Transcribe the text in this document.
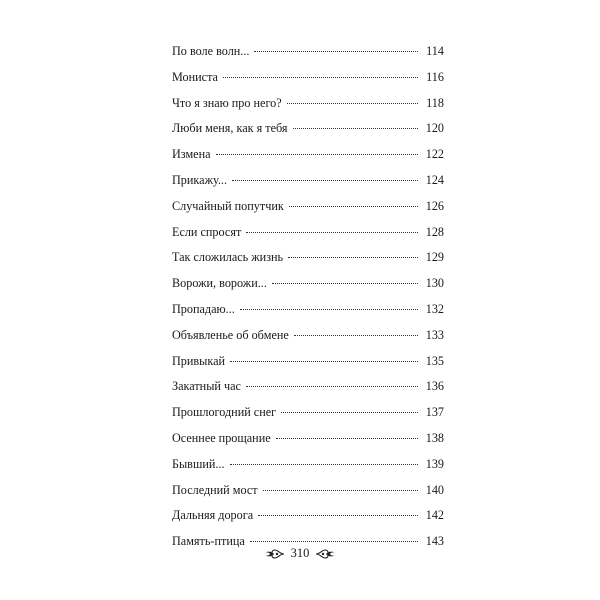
По воле волн...	114
Мониста	116
Что я знаю про него?	118
Люби меня, как я тебя	120
Измена	122
Прикажу...	124
Случайный попутчик	126
Если спросят	128
Так сложилась жизнь	129
Ворожи, ворожи...	130
Пропадаю...	132
Объявленье об обмене	133
Привыкай	135
Закатный час	136
Прошлогодний снег	137
Осеннее прощание	138
Бывший...	139
Последний мост	140
Дальняя дорога	142
Память-птица	143
310
